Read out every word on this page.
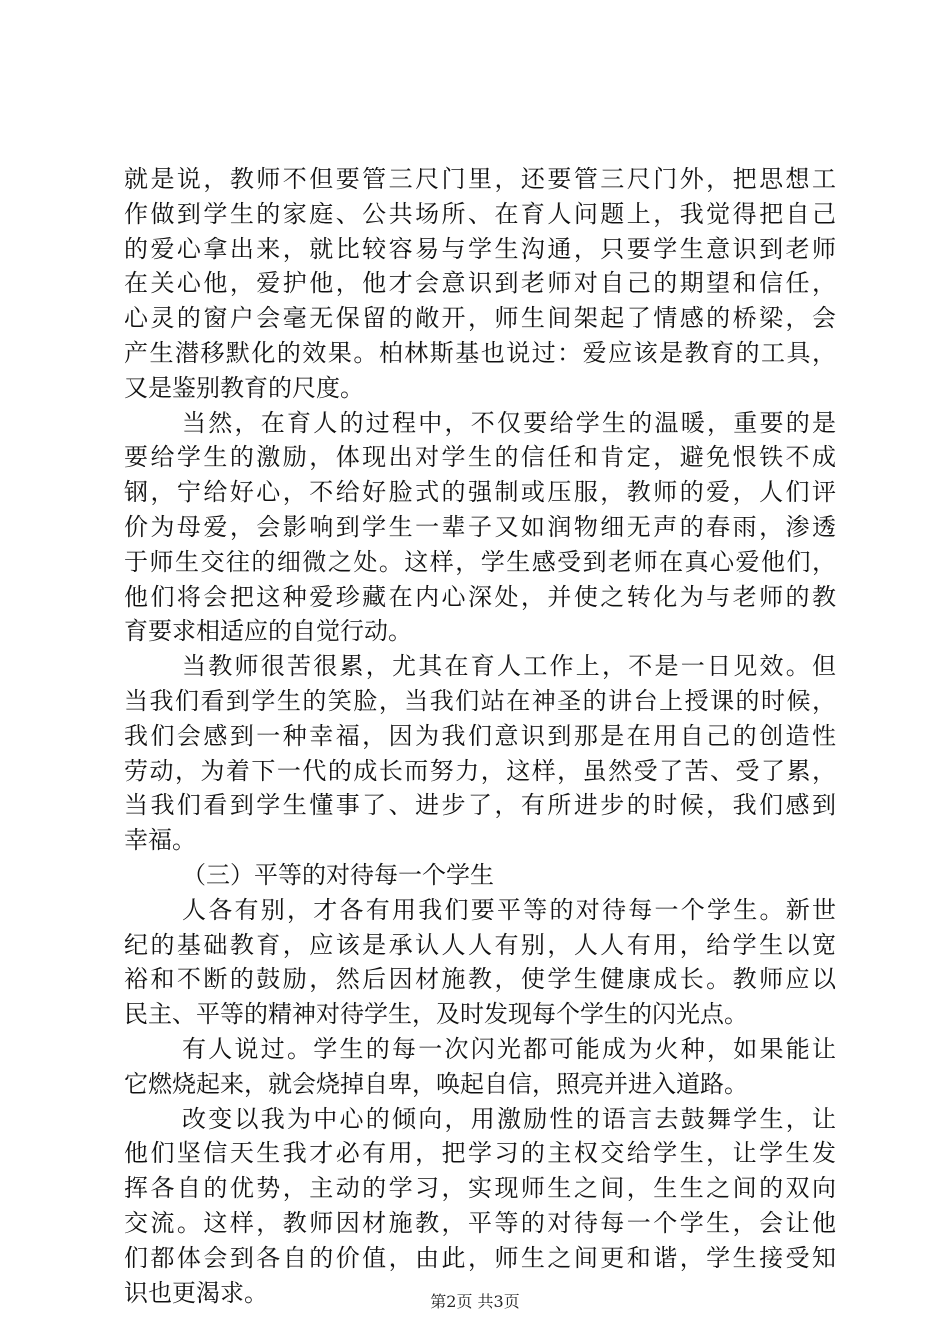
就是说，教师不但要管三尺门里，还要管三尺门外，把思想工
作做到学生的家庭、公共场所、在育人问题上，我觉得把自己
的爱心拿出来，就比较容易与学生沟通，只要学生意识到老师
在关心他，爱护他，他才会意识到老师对自己的期望和信任，
心灵的窗户会毫无保留的敞开，师生间架起了情感的桥梁，会
产生潜移默化的效果。柏林斯基也说过：爱应该是教育的工具，
又是鉴别教育的尺度。
当然，在育人的过程中，不仅要给学生的温暖，重要的是
要给学生的激励，体现出对学生的信任和肯定，避免恨铁不成
钢，宁给好心，不给好脸式的强制或压服，教师的爱，人们评
价为母爱，会影响到学生一辈子又如润物细无声的春雨，渗透
于师生交往的细微之处。这样，学生感受到老师在真心爱他们，
他们将会把这种爱珍藏在内心深处，并使之转化为与老师的教
育要求相适应的自觉行动。
当教师很苦很累，尤其在育人工作上，不是一日见效。但
当我们看到学生的笑脸，当我们站在神圣的讲台上授课的时候，
我们会感到一种幸福，因为我们意识到那是在用自己的创造性
劳动，为着下一代的成长而努力，这样，虽然受了苦、受了累，
当我们看到学生懂事了、进步了，有所进步的时候，我们感到
幸福。
（三）平等的对待每一个学生
人各有别，才各有用我们要平等的对待每一个学生。新世
纪的基础教育，应该是承认人人有别，人人有用，给学生以宽
裕和不断的鼓励，然后因材施教，使学生健康成长。教师应以
民主、平等的精神对待学生，及时发现每个学生的闪光点。
有人说过。学生的每一次闪光都可能成为火种，如果能让
它燃烧起来，就会烧掉自卑，唤起自信，照亮并进入道路。
改变以我为中心的倾向，用激励性的语言去鼓舞学生，让
他们坚信天生我才必有用，把学习的主权交给学生，让学生发
挥各自的优势，主动的学习，实现师生之间，生生之间的双向
交流。这样，教师因材施教，平等的对待每一个学生，会让他
们都体会到各自的价值，由此，师生之间更和谐，学生接受知
识也更渴求。	第2页 共3页
